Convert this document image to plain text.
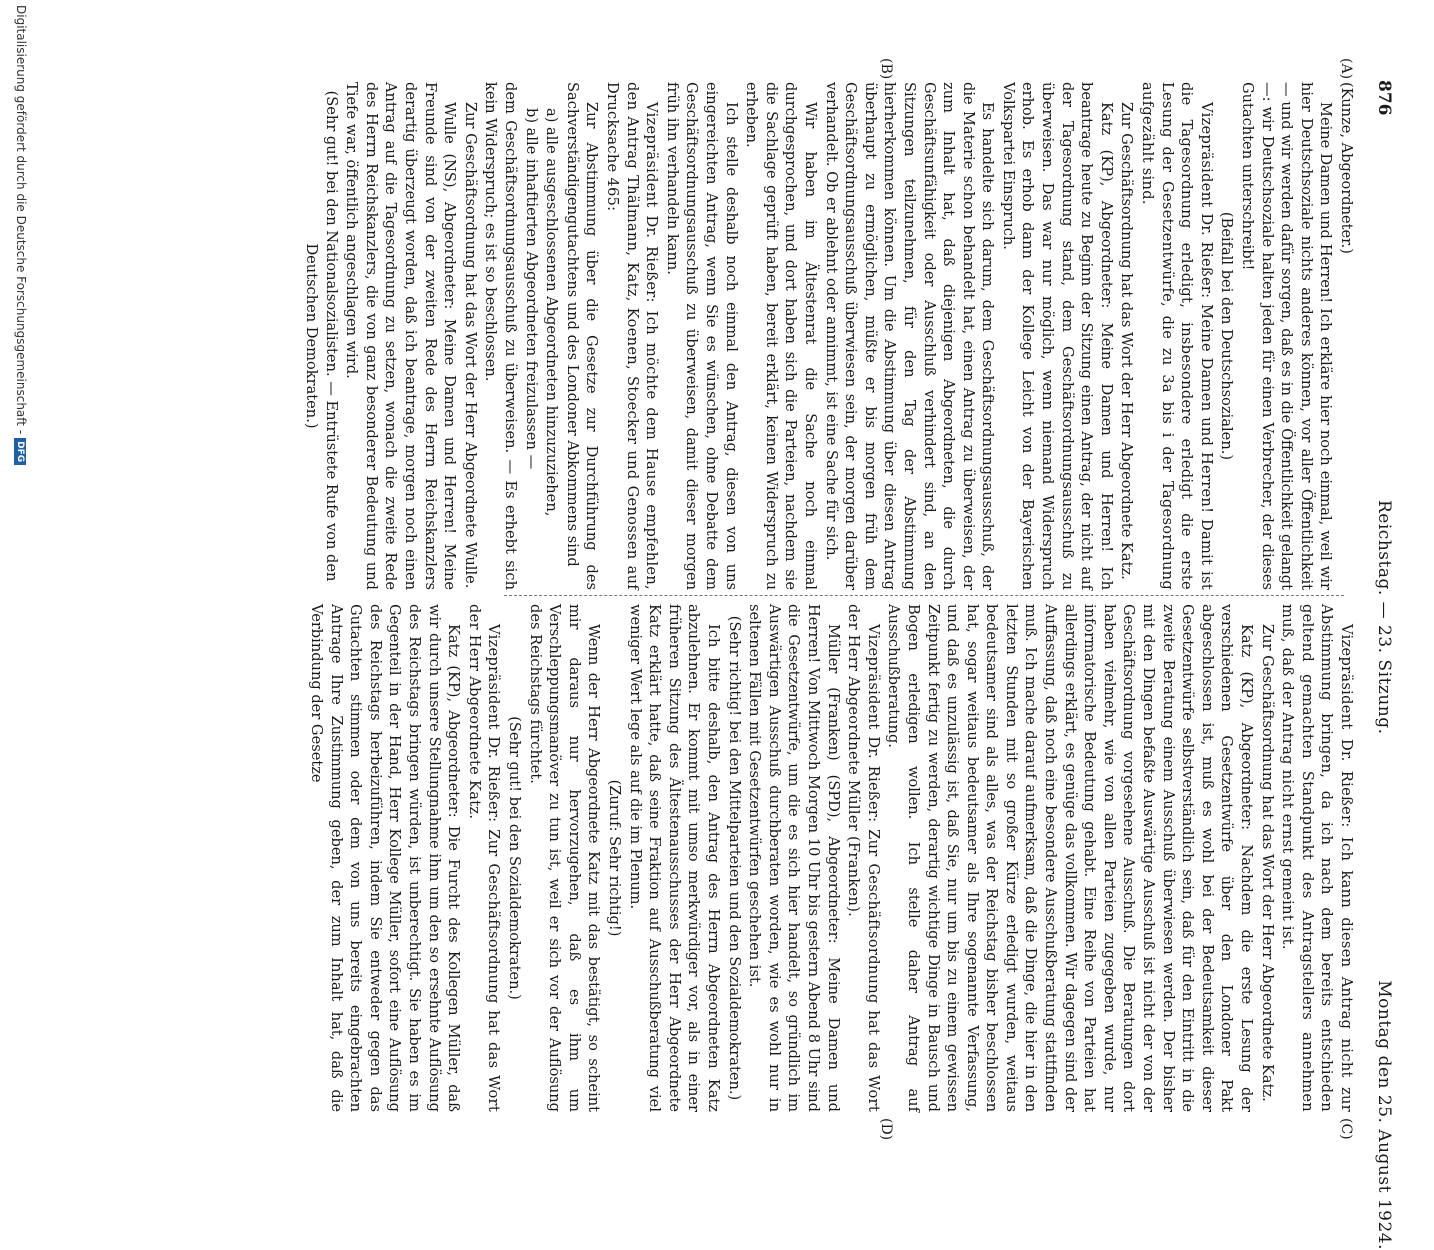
876
Reichstag. — 23. Sitzung.
Montag den 25. August 1924.
(A)
(B)
(C)
(D)

(Kunze, Abgeordneter.)

Meine Damen und Herren! Ich erkläre hier noch einmal, weil wir hier Deutschsoziale nichts anderes können, vor aller Öffentlichkeit — und wir werden dafür sorgen, daß es in die Öffentlichkeit gelangt —: wir Deutschsoziale halten jeden für einen Verbrecher, der dieses Gutachten unterschreibt!

(Beifall bei den Deutschsozialen.)

Vizepräsident Dr. Rießer: Meine Damen und Herren! Damit ist die Tagesordnung erledigt, insbesondere erledigt die erste Lesung der Gesetzentwürfe, die zu 3a bis i der Tagesordnung aufgezählt sind.

Zur Geschäftsordnung hat das Wort der Herr Abgeordnete Katz.

Katz (KP), Abgeordneter: Meine Damen und Herren! Ich beantrage heute zu Beginn der Sitzung einen Antrag, der nicht auf der Tagesordnung stand, dem Geschäftsordnungsausschuß zu überweisen. Das war nur möglich, wenn niemand Widerspruch erhob. Es erhob dann der Kollege Leicht von der Bayerischen Volkspartei Einspruch.

Es handelte sich darum, dem Geschäftsordnungsausschuß, der die Materie schon behandelt hat, einen Antrag zu überweisen, der zum Inhalt hat, daß diejenigen Abgeordneten, die durch Geschäftsunfähigkeit oder Ausschluß verhindert sind, an den Sitzungen teilzunehmen, für den Tag der Abstimmung hierherkommen können. Um die Abstimmung über diesen Antrag überhaupt zu ermöglichen, müßte er bis morgen früh dem Geschäftsordnungsausschuß überwiesen sein, der morgen darüber verhandelt. Ob er ablehnt oder annimmt, ist eine Sache für sich.

Wir haben im Ältestenrat die Sache noch einmal durchgesprochen, und dort haben sich die Parteien, nachdem sie die Sachlage geprüft haben, bereit erklärt, keinen Widerspruch zu erheben.

Ich stelle deshalb noch einmal den Antrag, diesen von uns eingereichten Antrag, wenn Sie es wünschen, ohne Debatte dem Geschäftsordnungsausschuß zu überweisen, damit dieser morgen früh ihn verhandeln kann.

Vizepräsident Dr. Rießer: Ich möchte dem Hause empfehlen, den Antrag Thälmann, Katz, Koenen, Stoecker und Genossen auf Drucksache 465:

Zur Abstimmung über die Gesetze zur Durchführung des Sachverständigengutachtens und des Londoner Abkommens sind

a) alle ausgeschlossenen Abgeordneten hinzuzuziehen,

b) alle inhaftierten Abgeordneten freizulassen —

dem Geschäftsordnungsausschuß zu überweisen. — Es erhebt sich kein Widerspruch; es ist so beschlossen.

Zur Geschäftsordnung hat das Wort der Herr Abgeordnete Wulle.

Wulle (NS), Abgeordneter: Meine Damen und Herren! Meine Freunde sind von der zweiten Rede des Herrn Reichskanzlers derartig überzeugt worden, daß ich beantrage, morgen noch einen Antrag auf die Tagesordnung zu setzen, wonach die zweite Rede des Herrn Reichskanzlers, die von ganz besonderer Bedeutung und Tiefe war, öffentlich angeschlagen wird.

(Sehr gut! bei den Nationalsozialisten. — Entrüstete Rufe von den Deutschen Demokraten.)

Vizepräsident Dr. Rießer: Ich kann diesen Antrag nicht zur Abstimmung bringen, da ich nach dem bereits entschieden geltend gemachten Standpunkt des Antragstellers annehmen muß, daß der Antrag nicht ernst gemeint ist.

Zur Geschäftsordnung hat das Wort der Herr Abgeordnete Katz.

Katz (KP), Abgeordneter: Nachdem die erste Lesung der verschiedenen Gesetzentwürfe über den Londoner Pakt abgeschlossen ist, muß es wohl bei der Bedeutsamkeit dieser Gesetzentwürfe selbstverständlich sein, daß für den Eintritt in die zweite Beratung einem Ausschuß überwiesen werden. Der bisher mit den Dingen befaßte Auswärtige Ausschuß ist nicht der von der Geschäftsordnung vorgesehene Ausschuß. Die Beratungen dort haben vielmehr, wie von allen Parteien zugegeben wurde, nur informatorische Bedeutung gehabt. Eine Reihe von Parteien hat allerdings erklärt, es genüge das vollkommen. Wir dagegen sind der Auffassung, daß noch eine besondere Ausschußberatung stattfinden muß. Ich mache darauf aufmerksam, daß die Dinge, die hier in den letzten Stunden mit so großer Kürze erledigt wurden, weitaus bedeutsamer sind als alles, was der Reichstag bisher beschlossen hat, sogar weitaus bedeutsamer als Ihre sogenannte Verfassung, und daß es unzulässig ist, daß Sie, nur um bis zu einem gewissen Zeitpunkt fertig zu werden, derartig wichtige Dinge in Bausch und Bogen erledigen wollen. Ich stelle daher Antrag auf Ausschußberatung.

Vizepräsident Dr. Rießer: Zur Geschäftsordnung hat das Wort der Herr Abgeordnete Müller (Franken).

Müller (Franken) (SPD), Abgeordneter: Meine Damen und Herren! Von Mittwoch Morgen 10 Uhr bis gestern Abend 8 Uhr sind die Gesetzentwürfe, um die es sich hier handelt, so gründlich im Auswärtigen Ausschuß durchberaten worden, wie es wohl nur in seltenen Fällen mit Gesetzentwürfen geschehen ist.

(Sehr richtig! bei den Mittelparteien und den Sozialdemokraten.)

Ich bitte deshalb, den Antrag des Herrn Abgeordneten Katz abzulehnen. Er kommt mit umso merkwürdiger vor, als in einer früheren Sitzung des Ältestenausschusses der Herr Abgeordnete Katz erklärt hatte, daß seine Fraktion auf Ausschußberatung viel weniger Wert lege als auf die im Plenum.

(Zuruf: Sehr richtig!)

Wenn der Herr Abgeordnete Katz mit das bestätigt, so scheint mir daraus nur hervorzugehen, daß es ihm um Verschleppungsmanöver zu tun ist, weil er sich vor der Auflösung des Reichstags fürchtet.

(Sehr gut! bei den Sozialdemokraten.)

Vizepräsident Dr. Rießer: Zur Geschäftsordnung hat das Wort der Herr Abgeordnete Katz.

Katz (KP), Abgeordneter: Die Furcht des Kollegen Müller, daß wir durch unsere Stellungnahme ihm um den so ersehnte Auflösung des Reichstags bringen würden, ist unberechtigt. Sie haben es im Gegenteil in der Hand, Herr Kollege Müller, sofort eine Auflösung des Reichstags herbeizuführen, indem Sie entweder gegen das Gutachten stimmen oder dem von uns bereits eingebrachten Antrage Ihre Zustimmung geben, der zum Inhalt hat, daß die Verbindung der Gesetze

Digitalisierung gefördert durch die Deutsche Forschungsgemeinschaft -DFG
